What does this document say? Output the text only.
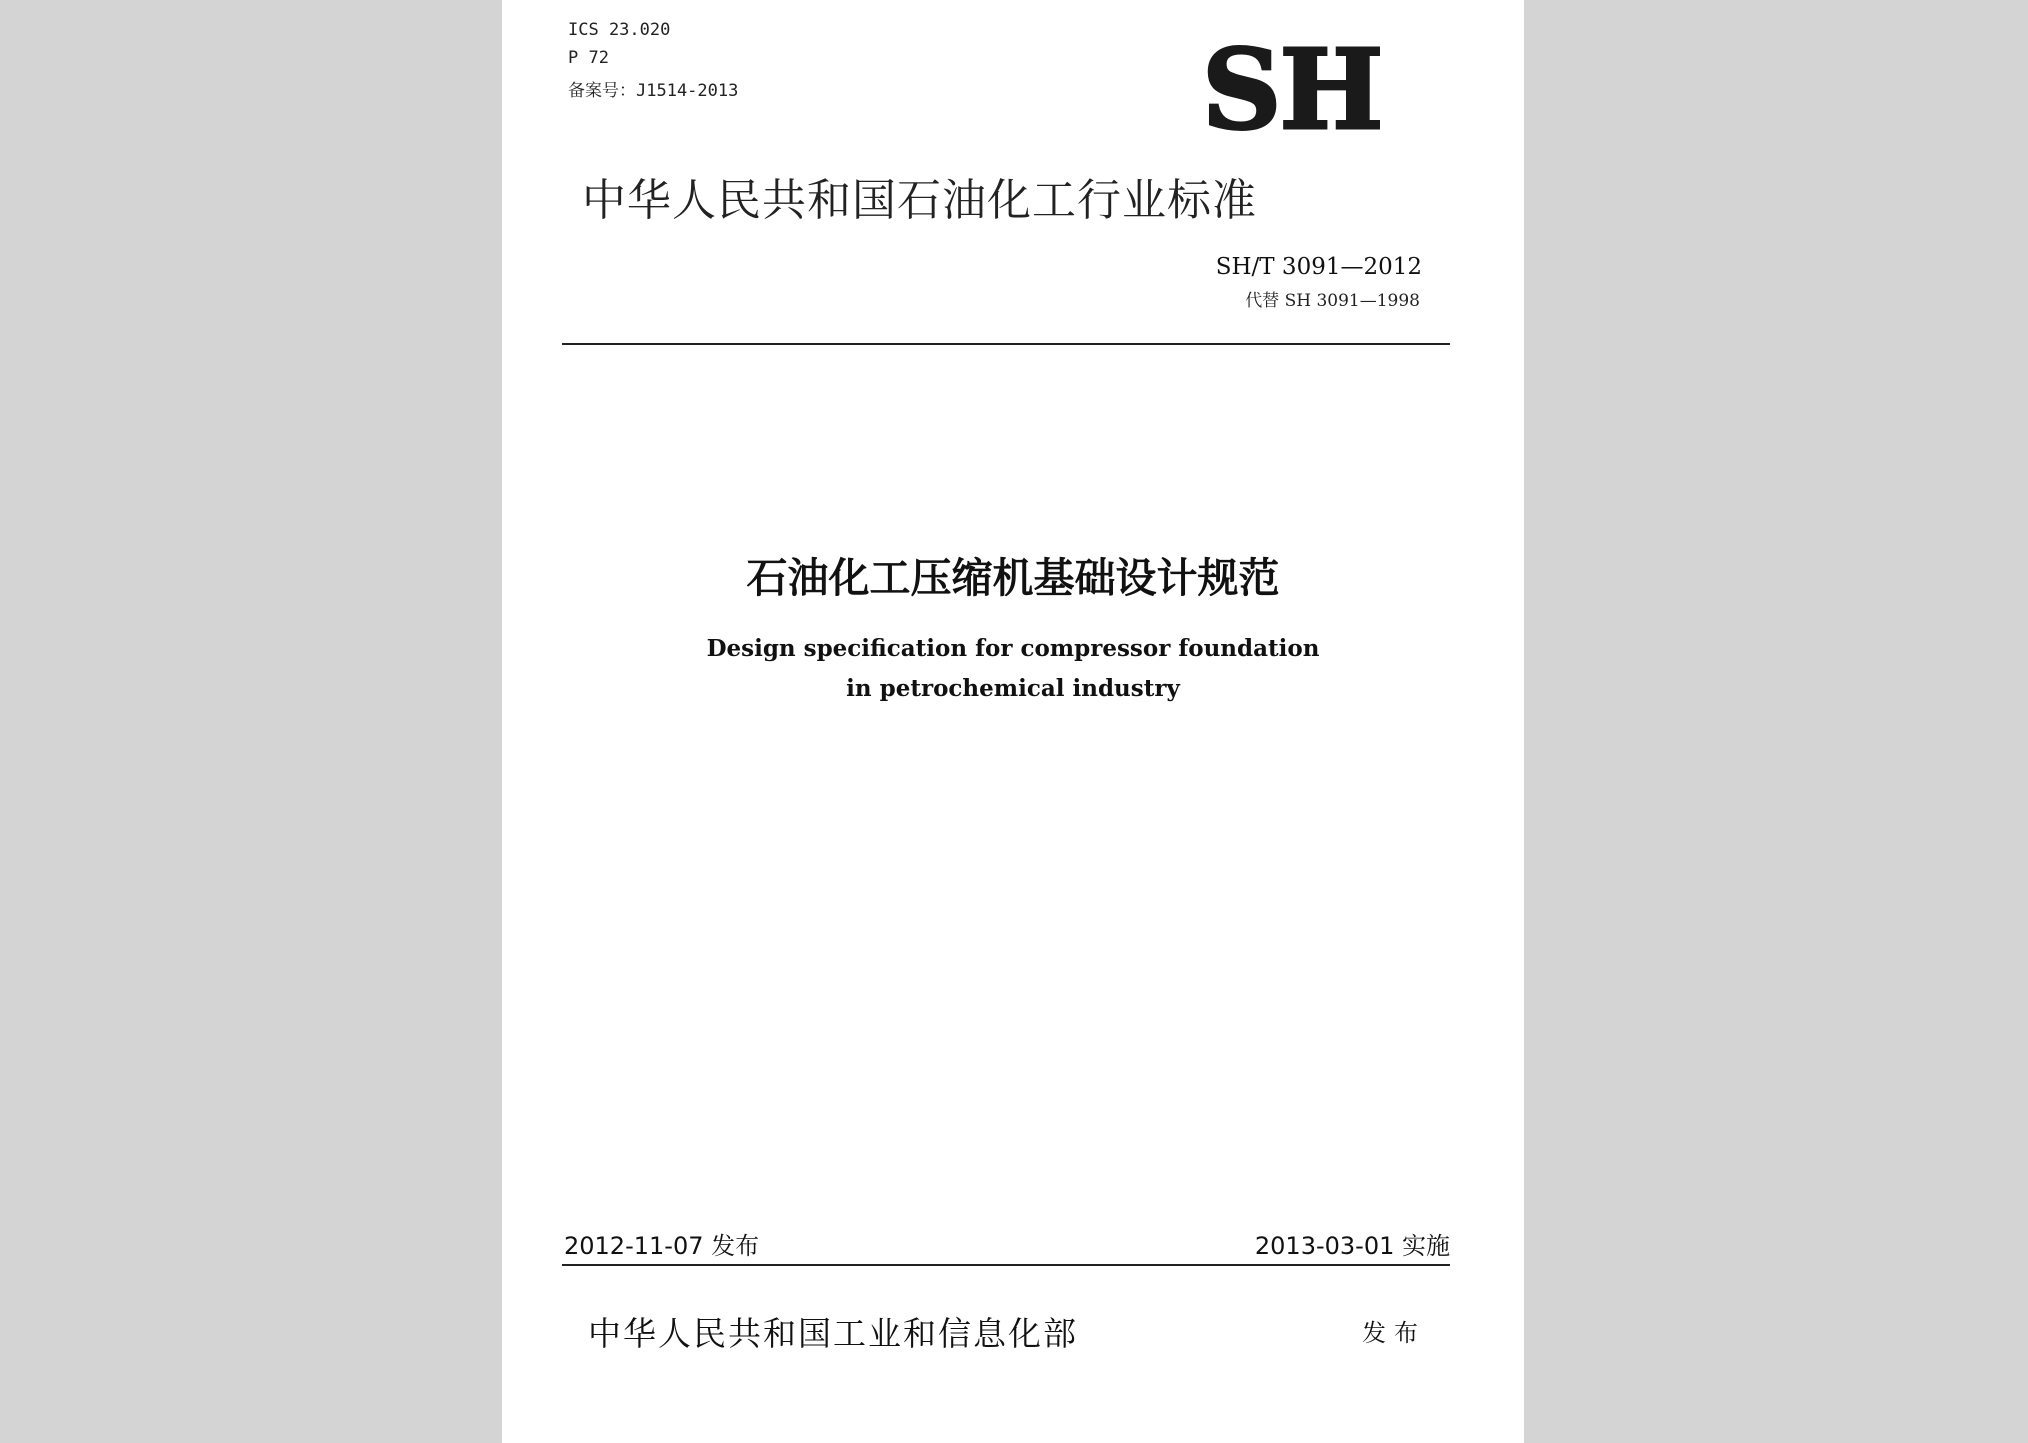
ICS 23.020
P 72
备案号：J1514-2013	SH
中华人民共和国石油化工行业标准
SH/T 3091—2012
代替 SH 3091—1998
石油化工压缩机基础设计规范
Design specification for compressor foundation
in petrochemical industry
2012-11-07 发布	2013-03-01 实施
中华人民共和国工业和信息化部	发布
